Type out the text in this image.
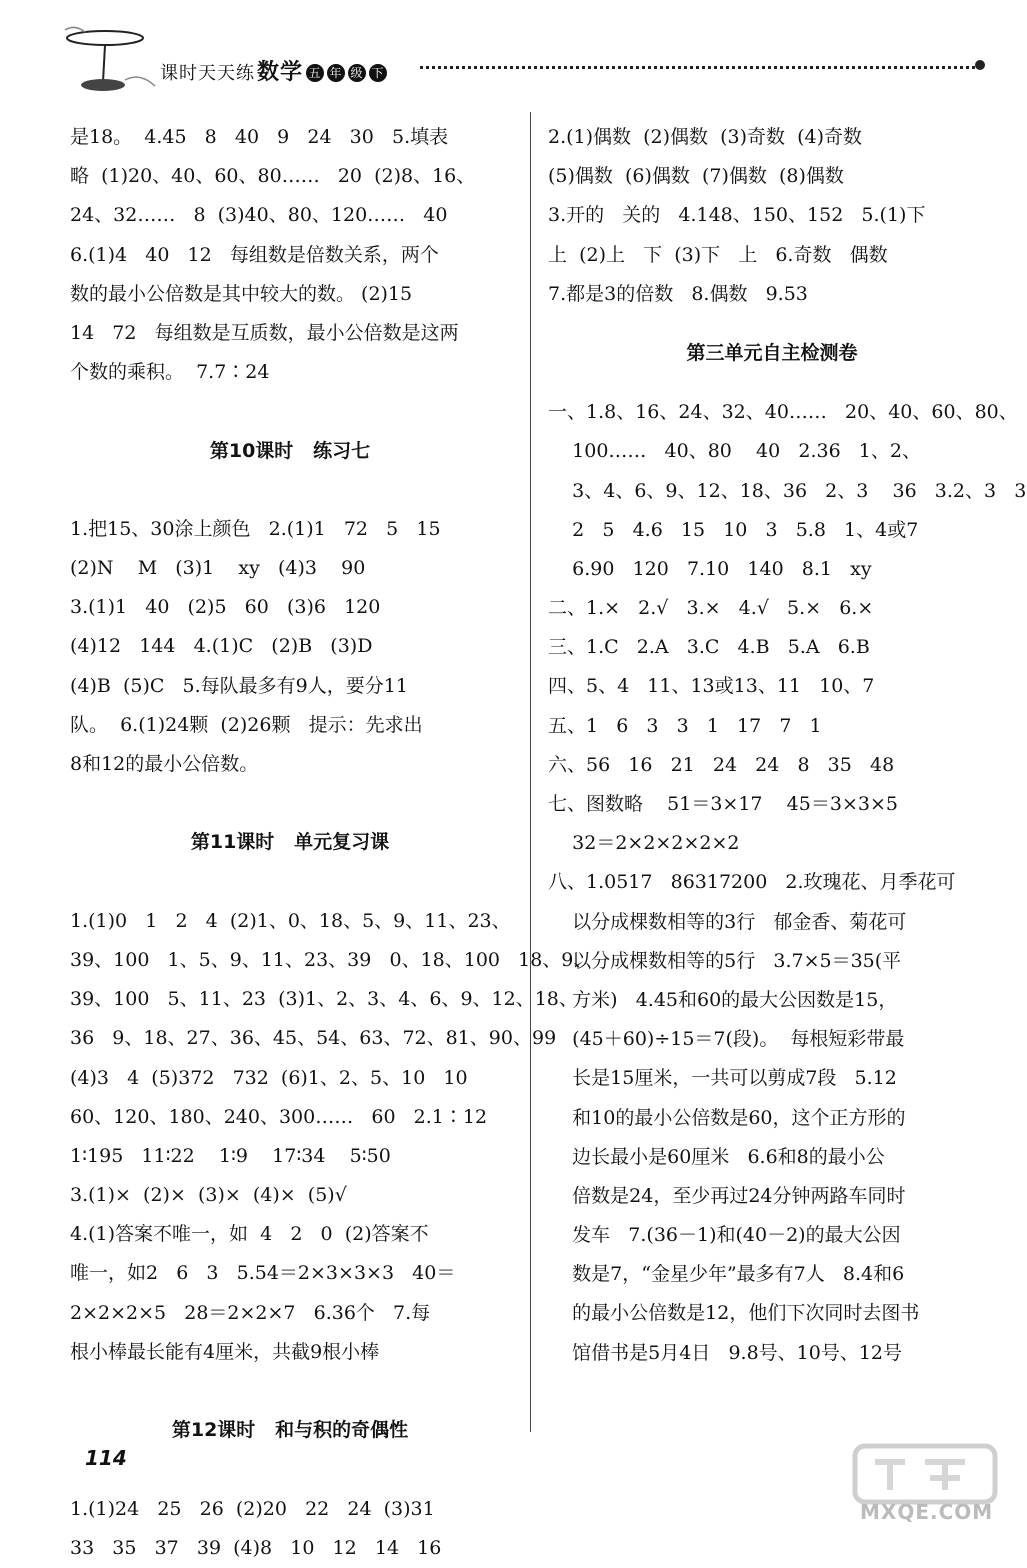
课时天天练数学 五 年 级 下
是18。  4.45   8   40   9   24   30   5.填表
略  (1)20、40、60、80……   20  (2)8、16、
24、32……   8  (3)40、80、120……   40
6.(1)4   40   12   每组数是倍数关系，两个
数的最小公倍数是其中较大的数。 (2)15
14   72   每组数是互质数，最小公倍数是这两
个数的乘积。  7.7∶24
第10课时   练习七
1.把15、30涂上颜色   2.(1)1   72   5   15
(2)N    M   (3)1    xy   (4)3    90
3.(1)1   40   (2)5   60   (3)6   120
(4)12   144   4.(1)C   (2)B   (3)D
(4)B  (5)C   5.每队最多有9人，要分11
队。  6.(1)24颗  (2)26颗   提示：先求出
8和12的最小公倍数。
第11课时   单元复习课
1.(1)0   1   2   4  (2)1、0、18、5、9、11、23、
39、100   1、5、9、11、23、39   0、18、100   18、9、
39、100   5、11、23  (3)1、2、3、4、6、9、12、18、
36   9、18、27、36、45、54、63、72、81、90、99
(4)3   4  (5)372   732  (6)1、2、5、10   10
60、120、180、240、300……   60   2.1∶12
1∶195   11∶22    1∶9    17∶34    5∶50
3.(1)×  (2)×  (3)×  (4)×  (5)√
4.(1)答案不唯一，如  4   2   0  (2)答案不
唯一，如2   6   3   5.54＝2×3×3×3   40＝
2×2×2×5   28＝2×2×7   6.36个   7.每
根小棒最长能有4厘米，共截9根小棒
第12课时   和与积的奇偶性
1.(1)24   25   26  (2)20   22   24  (3)31
33   35   37   39  (4)8   10   12   14   16
2.(1)偶数  (2)偶数  (3)奇数  (4)奇数
(5)偶数  (6)偶数  (7)偶数  (8)偶数
3.开的   关的   4.148、150、152   5.(1)下
上  (2)上   下  (3)下   上   6.奇数   偶数
7.都是3的倍数   8.偶数   9.53
第三单元自主检测卷
一、1.8、16、24、32、40……   20、40、60、80、
100……   40、80    40   2.36   1、2、
3、4、6、9、12、18、36   2、3    36   3.2、3   3
2   5   4.6   15   10   3   5.8   1、4或7
6.90   120   7.10   140   8.1   xy
二、1.×   2.√   3.×   4.√   5.×   6.×
三、1.C   2.A   3.C   4.B   5.A   6.B
四、5、4   11、13或13、11   10、7
五、1   6   3   3   1   17   7   1
六、56   16   21   24   24   8   35   48
七、图数略    51＝3×17    45＝3×3×5
32＝2×2×2×2×2
八、1.0517   86317200   2.玫瑰花、月季花可
以分成棵数相等的3行   郁金香、菊花可
以分成棵数相等的5行   3.7×5＝35(平
方米)   4.45和60的最大公因数是15，
(45＋60)÷15＝7(段)。  每根短彩带最
长是15厘米，一共可以剪成7段   5.12
和10的最小公倍数是60，这个正方形的
边长最小是60厘米   6.6和8的最小公
倍数是24，至少再过24分钟两路车同时
发车   7.(36－1)和(40－2)的最大公因
数是7，“金星少年”最多有7人   8.4和6
的最小公倍数是12，他们下次同时去图书
馆借书是5月4日   9.8号、10号、12号
114
MXQE.COM
